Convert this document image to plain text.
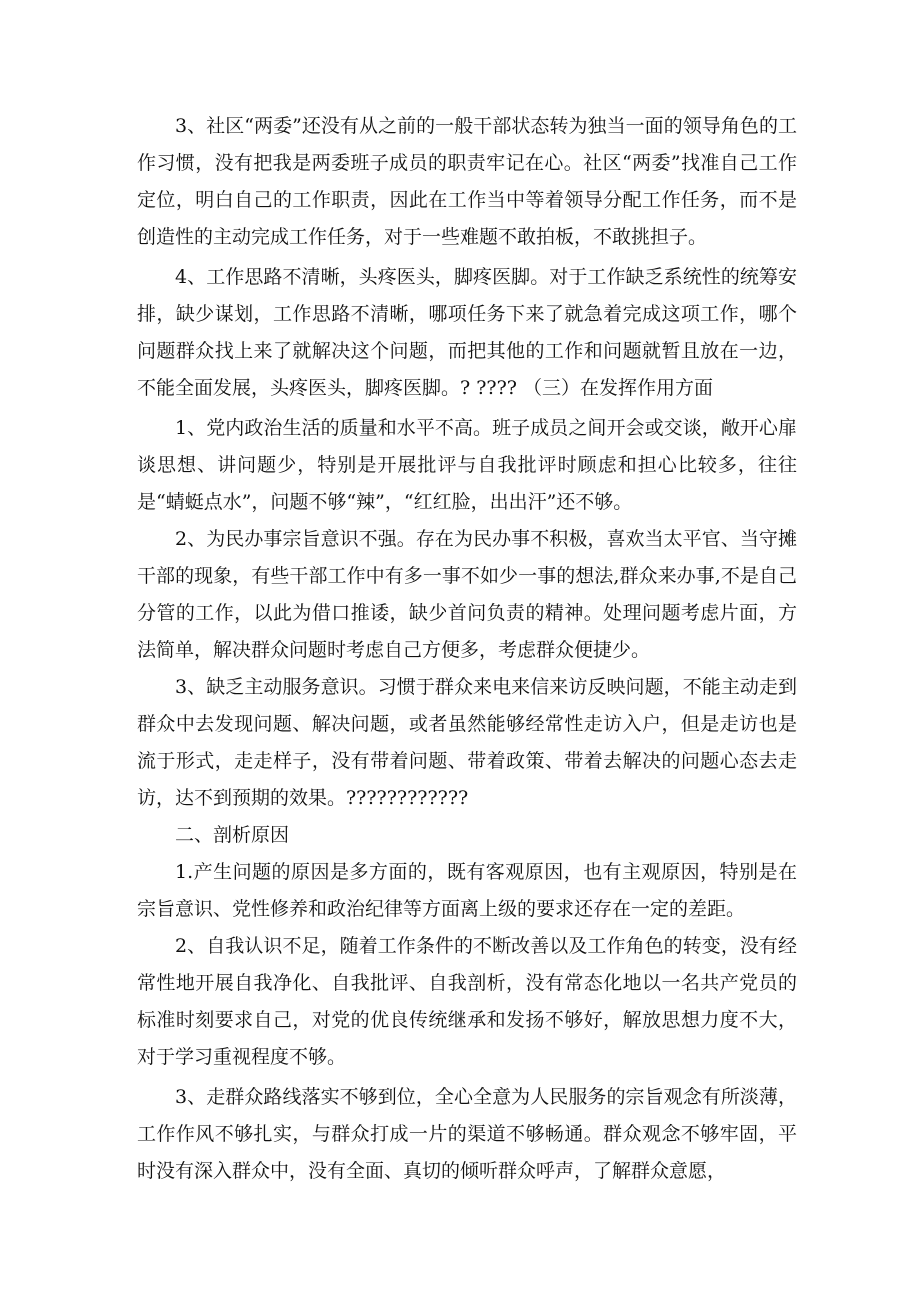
3、社区“两委”还没有从之前的一般干部状态转为独当一面的领导角色的工作习惯，没有把我是两委班子成员的职责牢记在心。社区“两委”找准自己工作定位，明白自己的工作职责，因此在工作当中等着领导分配工作任务，而不是创造性的主动完成工作任务，对于一些难题不敢拍板，不敢挑担子。

4、工作思路不清晰，头疼医头，脚疼医脚。对于工作缺乏系统性的统筹安排，缺少谋划，工作思路不清晰，哪项任务下来了就急着完成这项工作，哪个问题群众找上来了就解决这个问题，而把其他的工作和问题就暂且放在一边，不能全面发展，头疼医头，脚疼医脚。? ???? （三）在发挥作用方面

1、党内政治生活的质量和水平不高。班子成员之间开会或交谈，敞开心扉谈思想、讲问题少，特别是开展批评与自我批评时顾虑和担心比较多，往往是“蜻蜓点水”，问题不够“辣”，“红红脸，出出汗”还不够。

2、为民办事宗旨意识不强。存在为民办事不积极，喜欢当太平官、当守摊干部的现象，有些干部工作中有多一事不如少一事的想法,群众来办事,不是自己分管的工作，以此为借口推诿，缺少首问负责的精神。处理问题考虑片面，方法简单，解决群众问题时考虑自己方便多，考虑群众便捷少。

3、缺乏主动服务意识。习惯于群众来电来信来访反映问题，不能主动走到群众中去发现问题、解决问题，或者虽然能够经常性走访入户，但是走访也是流于形式，走走样子，没有带着问题、带着政策、带着去解决的问题心态去走访，达不到预期的效果。????????????

二、剖析原因

1.产生问题的原因是多方面的，既有客观原因，也有主观原因，特别是在宗旨意识、党性修养和政治纪律等方面离上级的要求还存在一定的差距。

2、自我认识不足，随着工作条件的不断改善以及工作角色的转变，没有经常性地开展自我净化、自我批评、自我剖析，没有常态化地以一名共产党员的标准时刻要求自己，对党的优良传统继承和发扬不够好，解放思想力度不大，对于学习重视程度不够。

3、走群众路线落实不够到位，全心全意为人民服务的宗旨观念有所淡薄，工作作风不够扎实，与群众打成一片的渠道不够畅通。群众观念不够牢固，平时没有深入群众中，没有全面、真切的倾听群众呼声，了解群众意愿，
